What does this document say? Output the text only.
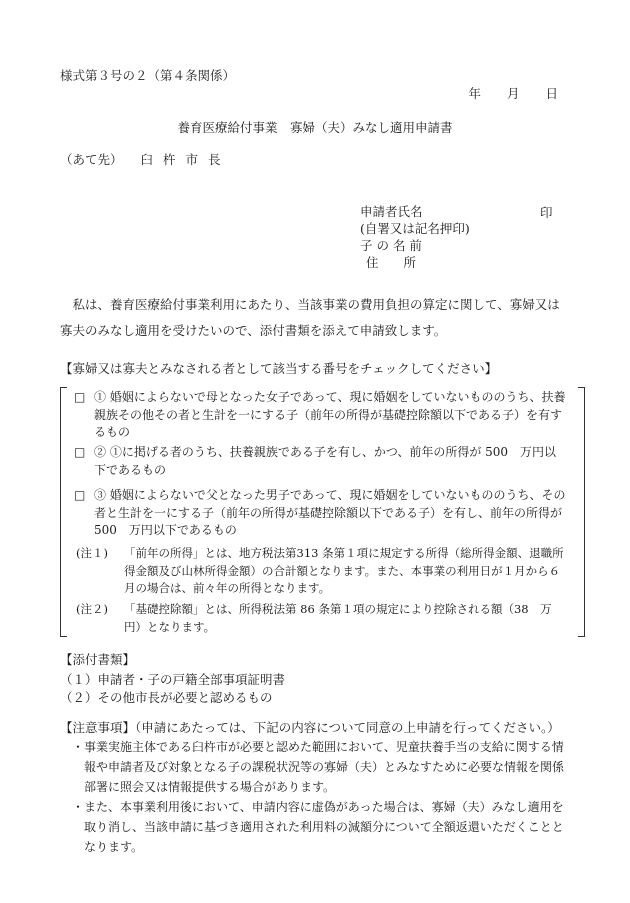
様式第３号の２（第４条関係）
年 月 日
養育医療給付事業　寡婦（夫）みなし適用申請書
（あて先） 臼杵市長
申請者氏名
(自署又は記名押印)
子 の 名 前
住　　所
印
私は、養育医療給付事業利用にあたり、当該事業の費用負担の算定に関して、寡婦又は寡夫のみなし適用を受けたいので、添付書類を添えて申請致します。
【寡婦又は寡夫とみなされる者として該当する番号をチェックしてください】
□ ① 婚姻によらないで母となった女子であって、現に婚姻をしていないもののうち、扶養親族その他その者と生計を一にする子（前年の所得が基礎控除額以下である子）を有するもの
□ ② ①に掲げる者のうち、扶養親族である子を有し、かつ、前年の所得が 500　万円以下であるもの
□ ③ 婚姻によらないで父となった男子であって、現に婚姻をしていないもののうち、その者と生計を一にする子（前年の所得が基礎控除額以下である子）を有し、前年の所得が 500　万円以下であるもの
(注１) 「前年の所得」とは、地方税法第313 条第１項に規定する所得（総所得金額、退職所得金額及び山林所得金額）の合計額となります。また、本事業の利用日が１月から６月の場合は、前々年の所得となります。
(注２) 「基礎控除額」とは、所得税法第 86 条第１項の規定により控除される額（38　万円）となります。
【添付書類】
（１）申請者・子の戸籍全部事項証明書
（２）その他市長が必要と認めるもの
【注意事項】（申請にあたっては、下記の内容について同意の上申請を行ってください。）
・ 事業実施主体である臼杵市が必要と認めた範囲において、児童扶養手当の支給に関する情報や申請者及び対象となる子の課税状況等の寡婦（夫）とみなすために必要な情報を関係部署に照会又は情報提供する場合があります。
・ また、本事業利用後において、申請内容に虚偽があった場合は、寡婦（夫）みなし適用を取り消し、当該申請に基づき適用された利用料の減額分について全額返還いただくこととなります。
